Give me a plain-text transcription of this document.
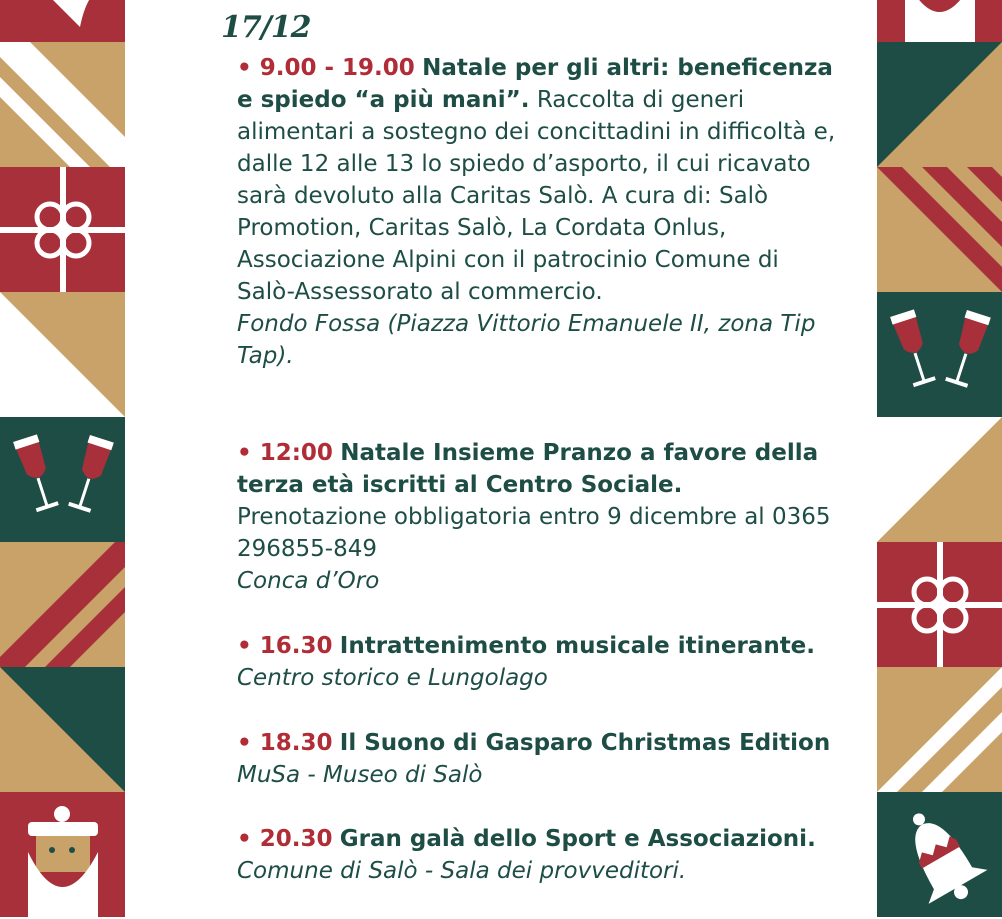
17/12
• 9.00 - 19.00 Natale per gli altri: beneficenza e spiedo “a più mani”. Raccolta di generi alimentari a sostegno dei concittadini in difficoltà e, dalle 12 alle 13 lo spiedo d’asporto, il cui ricavato sarà devoluto alla Caritas Salò. A cura di: Salò Promotion, Caritas Salò, La Cordata Onlus, Associazione Alpini con il patrocinio Comune di Salò-Assessorato al commercio.
Fondo Fossa (Piazza Vittorio Emanuele II, zona Tip Tap).
• 12:00 Natale Insieme Pranzo a favore della terza età iscritti al Centro Sociale. Prenotazione obbligatoria entro 9 dicembre al 0365 296855-849
Conca d’Oro
• 16.30 Intrattenimento musicale itinerante.
Centro storico e Lungolago
• 18.30 Il Suono di Gasparo Christmas Edition
MuSa - Museo di Salò
• 20.30 Gran galà dello Sport e Associazioni.
Comune di Salò - Sala dei provveditori.
